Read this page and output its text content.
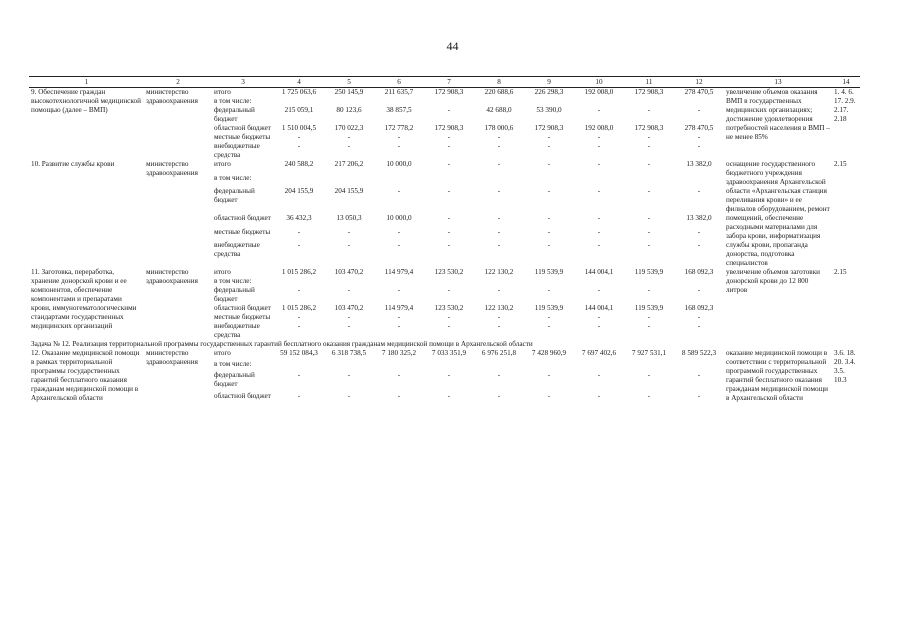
44
1	2	3	4	5	6	7	8	9	10	11	12	13	14
9. Обеспечение граждан высокотехнологичной медицинской помощью (далее – ВМП)	министерство здравоохранения	итого	1 725 063,6	250 145,9	211 635,7	172 908,3	220 688,6	226 298,3	192 008,0	172 908,3	278 470,5	увеличение объемов оказания ВМП в государственных медицинских организациях; достижение удовлетворения потребностей населения в ВМП – не менее 85%	1. 4. 6. 17. 2.9. 2.17. 2.18
		в том числе:											
		федеральный бюджет	215 059,1	80 123,6	38 857,5	-	42 688,0	53 390,0	-	-	-		
		областной бюджет	1 510 004,5	170 022,3	172 778,2	172 908,3	178 000,6	172 908,3	192 008,0	172 908,3	278 470,5		
		местные бюджеты	-	-	-	-	-	-	-	-	-		
		внебюджетные средства	-	-	-	-	-	-	-	-	-		
10. Развитие службы крови	министерство здравоохранения	итого	240 588,2	217 206,2	10 000,0	-	-	-	-	-	13 382,0	оснащение государственного бюджетного учреждения здравоохранения Архангельской области «Архангельская станция переливания крови» и ее филиалов оборудованием, ремонт помещений, обеспечение расходными материалами для забора крови, информатизация службы крови, пропаганда донорства, подготовка специалистов	2.15
		в том числе:											
		федеральный бюджет	204 155,9	204 155,9	-	-	-	-	-	-	-		
		областной бюджет	36 432,3	13 050,3	10 000,0	-	-	-	-	-	13 382,0		
		местные бюджеты	-	-	-	-	-	-	-	-	-		
		внебюджетные средства	-	-	-	-	-	-	-	-	-		
11. Заготовка, переработка, хранение донорской крови и ее компонентов, обеспечение компонентами и препаратами крови, иммуногематологическими стандартами государственных медицинских организаций	министерство здравоохранения	итого	1 015 286,2	103 470,2	114 979,4	123 530,2	122 130,2	119 539,9	144 004,1	119 539,9	168 092,3	увеличение объемов заготовки донорской крови до 12 800 литров	2.15
		в том числе:											
		федеральный бюджет	-	-	-	-	-	-	-	-	-		
		областной бюджет	1 015 286,2	103 470,2	114 979,4	123 530,2	122 130,2	119 539,9	144 004,1	119 539,9	168 092,3		
		местные бюджеты	-	-	-	-	-	-	-	-	-		
		внебюджетные средства	-	-	-	-	-	-	-	-	-		
Задача № 12. Реализация территориальной программы государственных гарантий бесплатного оказания гражданам медицинской помощи в Архангельской области													
12. Оказание медицинской помощи в рамках территориальной программы государственных гарантий бесплатного оказания гражданам медицинской помощи в Архангельской области	министерство здравоохранения	итого	59 152 084,3	6 318 738,5	7 180 325,2	7 033 351,9	6 976 251,8	7 428 960,9	7 697 402,6	7 927 531,1	8 589 522,3	оказание медицинской помощи в соответствии с территориальной программой государственных гарантий бесплатного оказания гражданам медицинской помощи в Архангельской области	3.6. 18. 20. 3.4. 3.5. 10.3
		в том числе:											
		федеральный бюджет	-	-	-	-	-	-	-	-	-		
		областной бюджет	-	-	-	-	-	-	-	-	-		
